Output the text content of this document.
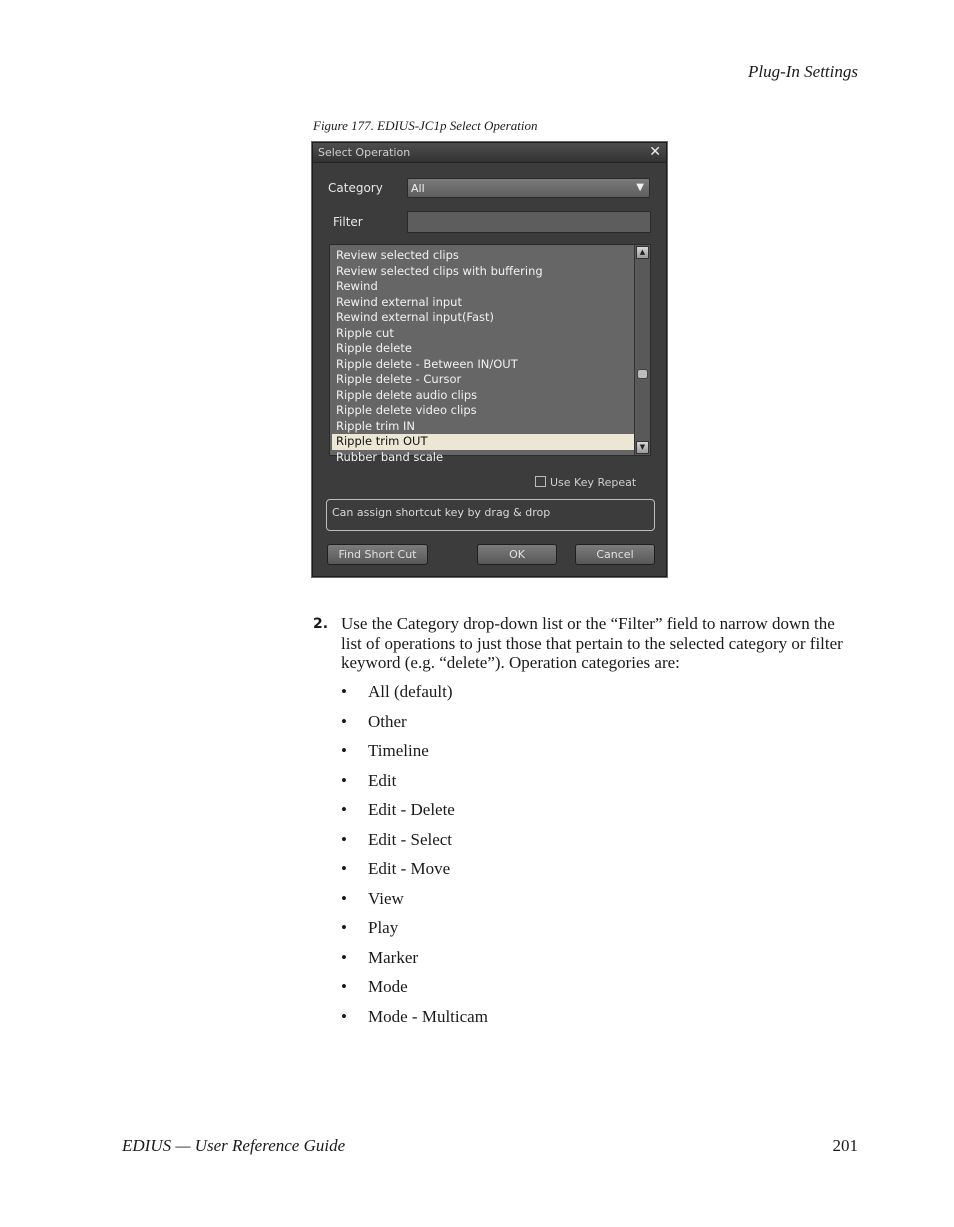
Plug-In Settings
Figure 177. EDIUS-JC1p Select Operation
Select Operation	✕
Category	All	▼
Filter
Review selected clips
Review selected clips with buffering
Rewind
Rewind external input
Rewind external input(Fast)
Ripple cut
Ripple delete
Ripple delete - Between IN/OUT
Ripple delete - Cursor
Ripple delete audio clips
Ripple delete video clips
Ripple trim IN
Ripple trim OUT
Rubber band scale
▲
▼
Use Key Repeat
Can assign shortcut key by drag & drop
Find Short Cut	OK	Cancel
2. Use the Category drop-down list or the “Filter” field to narrow down the list of operations to just those that pertain to the selected category or filter keyword (e.g. “delete”). Operation categories are:
• All (default)
• Other
• Timeline
• Edit
• Edit - Delete
• Edit - Select
• Edit - Move
• View
• Play
• Marker
• Mode
• Mode - Multicam
EDIUS — User Reference Guide	201
